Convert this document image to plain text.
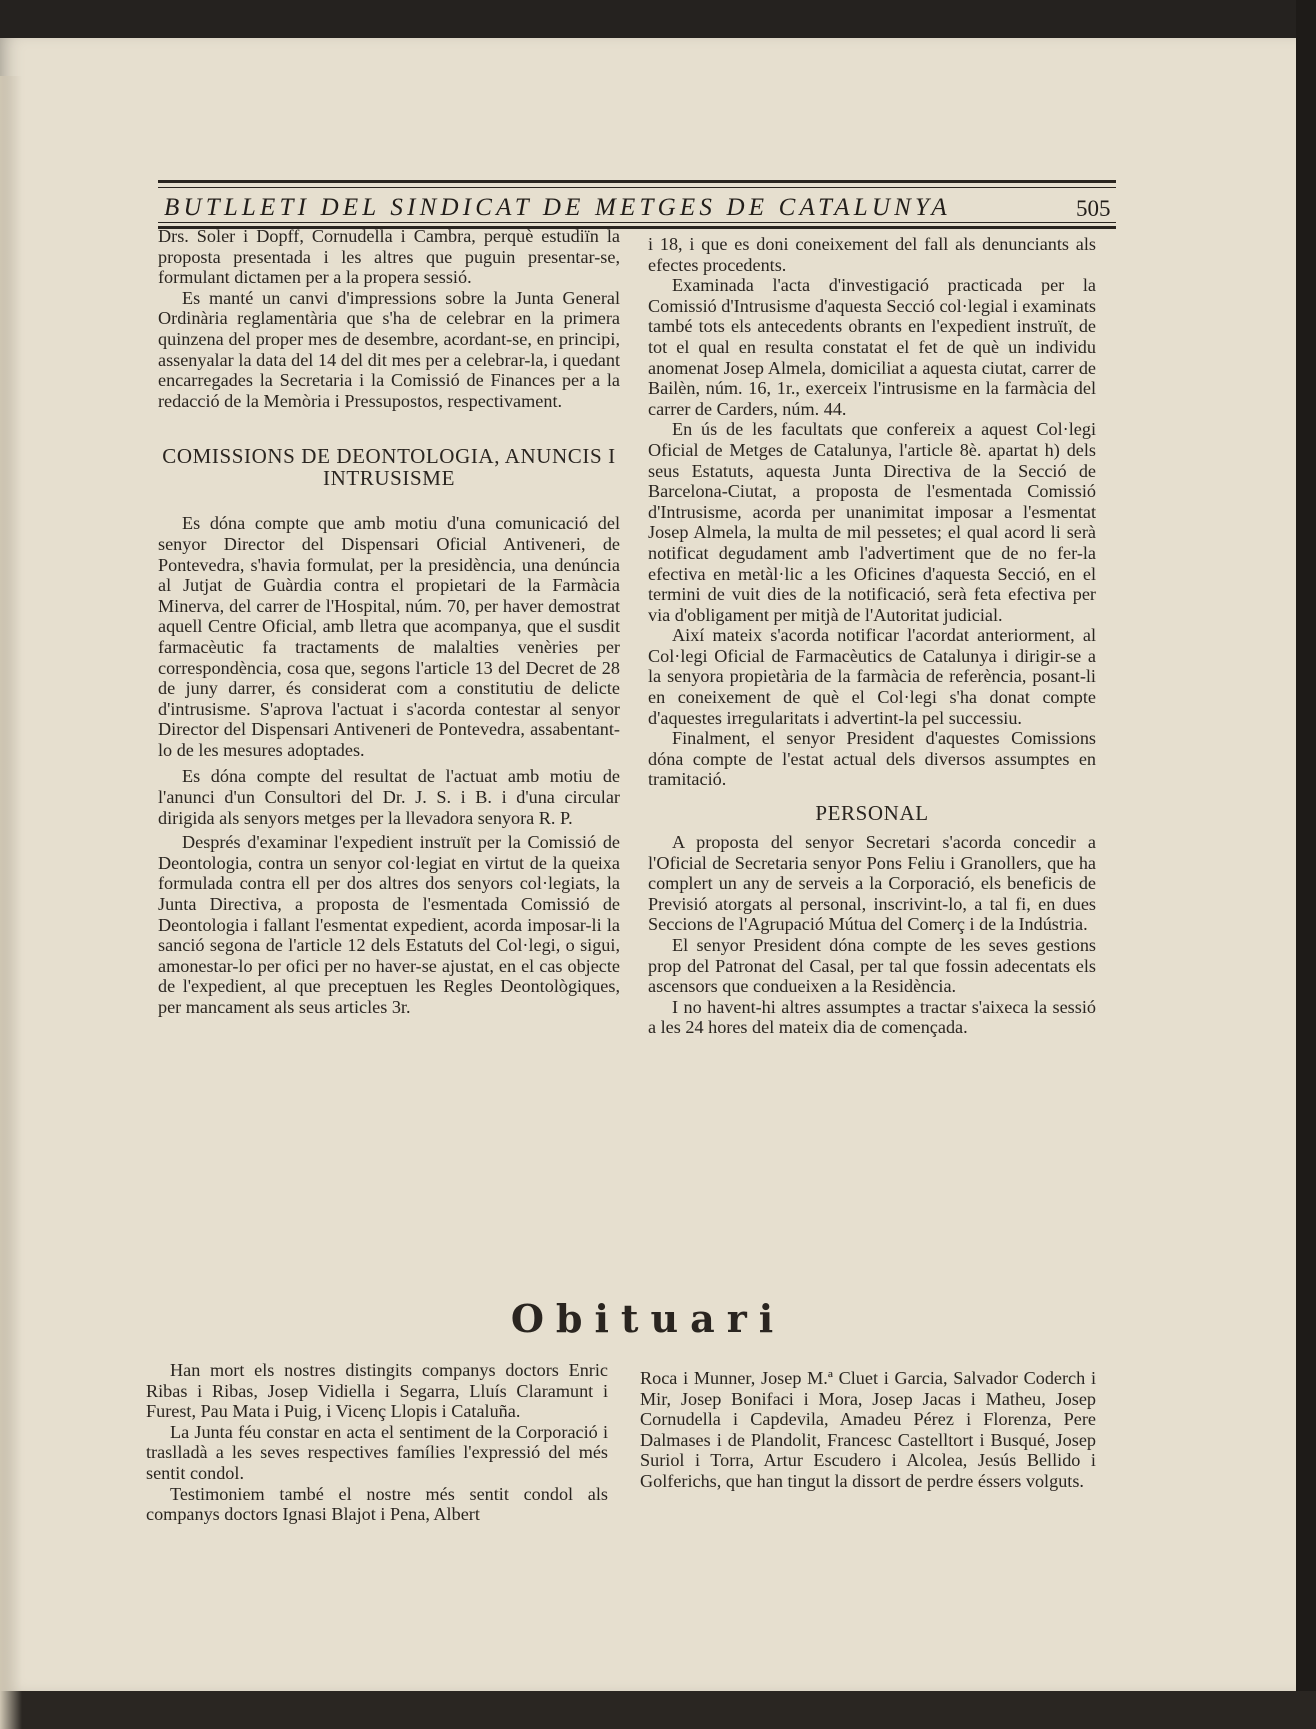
BUTLLETI DEL SINDICAT DE METGES DE CATALUNYA	505

Drs. Soler i Dopff, Cornudella i Cambra, perquè estudiïn la proposta presentada i les altres que puguin presentar-se, formulant dictamen per a la propera sessió.

Es manté un canvi d'impressions sobre la Junta General Ordinària reglamentària que s'ha de celebrar en la primera quinzena del proper mes de desembre, acordant-se, en principi, assenyalar la data del 14 del dit mes per a celebrar-la, i quedant encarregades la Secretaria i la Comissió de Finances per a la redacció de la Memòria i Pressupostos, respectivament.

COMISSIONS DE DEONTOLOGIA, ANUNCIS I INTRUSISME

Es dóna compte que amb motiu d'una comunicació del senyor Director del Dispensari Oficial Antiveneri, de Pontevedra, s'havia formulat, per la presidència, una denúncia al Jutjat de Guàrdia contra el propietari de la Farmàcia Minerva, del carrer de l'Hospital, núm. 70, per haver demostrat aquell Centre Oficial, amb lletra que acompanya, que el susdit farmacèutic fa tractaments de malalties venèries per correspondència, cosa que, segons l'article 13 del Decret de 28 de juny darrer, és considerat com a constitutiu de delicte d'intrusisme. S'aprova l'actuat i s'acorda contestar al senyor Director del Dispensari Antiveneri de Pontevedra, assabentant-lo de les mesures adoptades.

Es dóna compte del resultat de l'actuat amb motiu de l'anunci d'un Consultori del Dr. J. S. i B. i d'una circular dirigida als senyors metges per la llevadora senyora R. P.

Després d'examinar l'expedient instruït per la Comissió de Deontologia, contra un senyor col·legiat en virtut de la queixa formulada contra ell per dos altres dos senyors col·legiats, la Junta Directiva, a proposta de l'esmentada Comissió de Deontologia i fallant l'esmentat expedient, acorda imposar-li la sanció segona de l'article 12 dels Estatuts del Col·legi, o sigui, amonestar-lo per ofici per no haver-se ajustat, en el cas objecte de l'expedient, al que preceptuen les Regles Deontològiques, per mancament als seus articles 3r.

i 18, i que es doni coneixement del fall als denunciants als efectes procedents.

Examinada l'acta d'investigació practicada per la Comissió d'Intrusisme d'aquesta Secció col·legial i examinats també tots els antecedents obrants en l'expedient instruït, de tot el qual en resulta constatat el fet de què un individu anomenat Josep Almela, domiciliat a aquesta ciutat, carrer de Bailèn, núm. 16, 1r., exerceix l'intrusisme en la farmàcia del carrer de Carders, núm. 44.

En ús de les facultats que confereix a aquest Col·legi Oficial de Metges de Catalunya, l'article 8è. apartat h) dels seus Estatuts, aquesta Junta Directiva de la Secció de Barcelona-Ciutat, a proposta de l'esmentada Comissió d'Intrusisme, acorda per unanimitat imposar a l'esmentat Josep Almela, la multa de mil pessetes; el qual acord li serà notificat degudament amb l'advertiment que de no fer-la efectiva en metàl·lic a les Oficines d'aquesta Secció, en el termini de vuit dies de la notificació, serà feta efectiva per via d'obligament per mitjà de l'Autoritat judicial.

Així mateix s'acorda notificar l'acordat anteriorment, al Col·legi Oficial de Farmacèutics de Catalunya i dirigir-se a la senyora propietària de la farmàcia de referència, posant-li en coneixement de què el Col·legi s'ha donat compte d'aquestes irregularitats i advertint-la pel successiu.

Finalment, el senyor President d'aquestes Comissions dóna compte de l'estat actual dels diversos assumptes en tramitació.

PERSONAL

A proposta del senyor Secretari s'acorda concedir a l'Oficial de Secretaria senyor Pons Feliu i Granollers, que ha complert un any de serveis a la Corporació, els beneficis de Previsió atorgats al personal, inscrivint-lo, a tal fi, en dues Seccions de l'Agrupació Mútua del Comerç i de la Indústria.

El senyor President dóna compte de les seves gestions prop del Patronat del Casal, per tal que fossin adecentats els ascensors que condueixen a la Residència.

I no havent-hi altres assumptes a tractar s'aixeca la sessió a les 24 hores del mateix dia de començada.

Obituari

Han mort els nostres distingits companys doctors Enric Ribas i Ribas, Josep Vidiella i Segarra, Lluís Claramunt i Furest, Pau Mata i Puig, i Vicenç Llopis i Cataluña.

La Junta féu constar en acta el sentiment de la Corporació i traslladà a les seves respectives famílies l'expressió del més sentit condol.

Testimoniem també el nostre més sentit condol als companys doctors Ignasi Blajot i Pena, Albert

Roca i Munner, Josep M.ª Cluet i Garcia, Salvador Coderch i Mir, Josep Bonifaci i Mora, Josep Jacas i Matheu, Josep Cornudella i Capdevila, Amadeu Pérez i Florenza, Pere Dalmases i de Plandolit, Francesc Castelltort i Busqué, Josep Suriol i Torra, Artur Escudero i Alcolea, Jesús Bellido i Golferichs, que han tingut la dissort de perdre éssers volguts.
